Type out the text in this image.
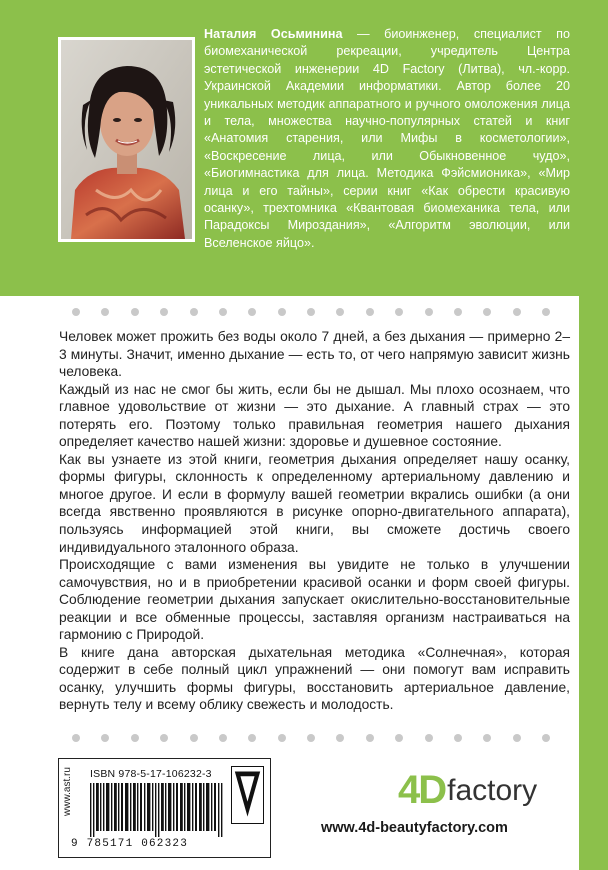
Наталия Осьминина — биоинженер, специалист по биомеханической рекреации, учредитель Центра эстетической инженерии 4D Factory (Литва), чл.-корр. Украинской Академии информатики. Автор более 20 уникальных методик аппаратного и ручного омоложения лица и тела, множества научно-популярных статей и книг «Анатомия старения, или Мифы в косметологии», «Воскресение лица, или Обыкновенное чудо», «Биогимнастика для лица. Методика Фэйсмионика», «Мир лица и его тайны», серии книг «Как обрести красивую осанку», трехтомника «Квантовая биомеханика тела, или Парадоксы Мироздания», «Алгоритм эволюции, или Вселенское яйцо».

Человек может прожить без воды около 7 дней, а без дыхания — примерно 2–3 минуты. Значит, именно дыхание — есть то, от чего напрямую зависит жизнь человека.

Каждый из нас не смог бы жить, если бы не дышал. Мы плохо осознаем, что главное удовольствие от жизни — это дыхание. А главный страх — это потерять его. Поэтому только правильная геометрия нашего дыхания определяет качество нашей жизни: здоровье и душевное состояние.

Как вы узнаете из этой книги, геометрия дыхания определяет нашу осанку, формы фигуры, склонность к определенному артериальному давлению и многое другое. И если в формулу вашей геометрии вкрались ошибки (а они всегда явственно проявляются в рисунке опорно-двигательного аппарата), пользуясь информацией этой книги, вы сможете достичь своего индивидуального эталонного образа.

Происходящие с вами изменения вы увидите не только в улучшении самочувствия, но и в приобретении красивой осанки и форм своей фигуры. Соблюдение геометрии дыхания запускает окислительно-восстановительные реакции и все обменные процессы, заставляя организм настраиваться на гармонию с Природой.

В книге дана авторская дыхательная методика «Солнечная», которая содержит в себе полный цикл упражнений — они помогут вам исправить осанку, улучшить формы фигуры, восстановить артериальное давление, вернуть телу и всему облику свежесть и молодость.

www.ast.ru ISBN 978-5-17-106232-3
9 785171 062323
4D factory
www.4d-beautyfactory.com
